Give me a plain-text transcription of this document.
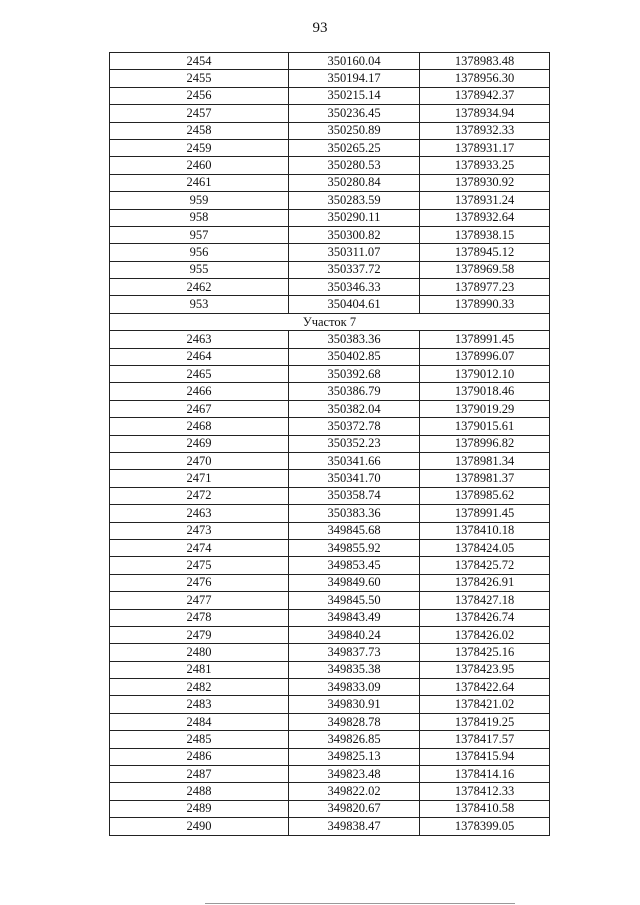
93
2454	350160.04	1378983.48
2455	350194.17	1378956.30
2456	350215.14	1378942.37
2457	350236.45	1378934.94
2458	350250.89	1378932.33
2459	350265.25	1378931.17
2460	350280.53	1378933.25
2461	350280.84	1378930.92
959	350283.59	1378931.24
958	350290.11	1378932.64
957	350300.82	1378938.15
956	350311.07	1378945.12
955	350337.72	1378969.58
2462	350346.33	1378977.23
953	350404.61	1378990.33
Участок 7		
2463	350383.36	1378991.45
2464	350402.85	1378996.07
2465	350392.68	1379012.10
2466	350386.79	1379018.46
2467	350382.04	1379019.29
2468	350372.78	1379015.61
2469	350352.23	1378996.82
2470	350341.66	1378981.34
2471	350341.70	1378981.37
2472	350358.74	1378985.62
2463	350383.36	1378991.45
2473	349845.68	1378410.18
2474	349855.92	1378424.05
2475	349853.45	1378425.72
2476	349849.60	1378426.91
2477	349845.50	1378427.18
2478	349843.49	1378426.74
2479	349840.24	1378426.02
2480	349837.73	1378425.16
2481	349835.38	1378423.95
2482	349833.09	1378422.64
2483	349830.91	1378421.02
2484	349828.78	1378419.25
2485	349826.85	1378417.57
2486	349825.13	1378415.94
2487	349823.48	1378414.16
2488	349822.02	1378412.33
2489	349820.67	1378410.58
2490	349838.47	1378399.05
